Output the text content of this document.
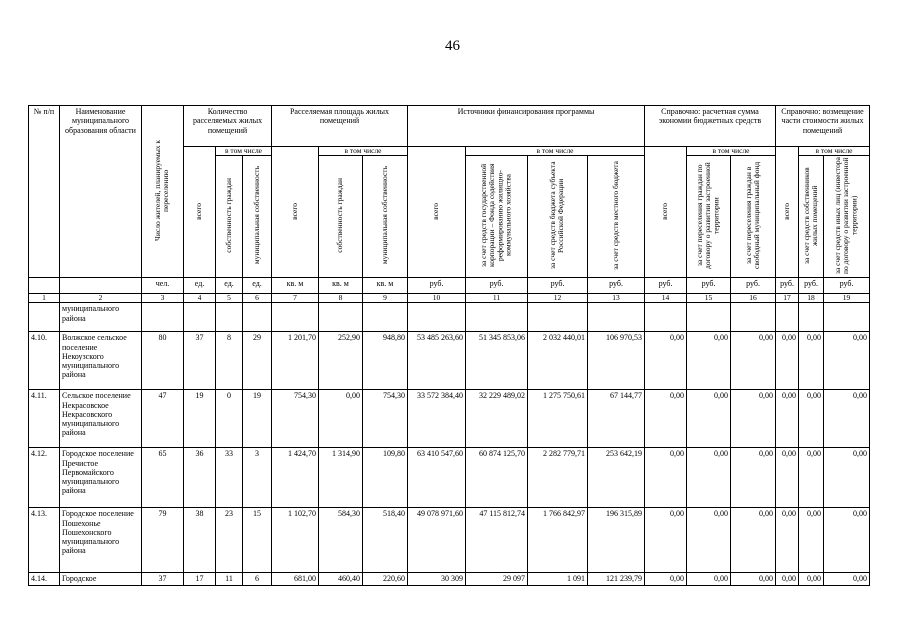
46
№ п/п	Наименование муниципального образования области	Число жителей, планируемых к переселению	Количество расселяемых жилых помещений			Расселяемая площадь жилых помещений			Источники финансирования программы				Справочно: расчетная сумма экономии бюджетных средств			Справочно: возмещение части стоимости жилых помещений		
			всего	в том числе		всего	в том числе		всего	в том числе			всего	в том числе		всего	в том числе	
				собственность граждан	муниципальная собственность		собственность граждан	муниципальная собственность		за счет средств государственной корпорации – Фонда содействия реформированию жилищно-коммунального хозяйства	за счет средств бюджета субъекта Российской Федерации	за счет средств местного бюджета		за счет переселения граждан по договору о развитии застроенной территории	за счет переселения граждан в свободный муниципальный фонд		за счет средств собственников жилых помещений	за счет средств иных лиц (инвестора по договору о развитии застроенной территории)
		чел.	ед.	ед.	ед.	кв. м	кв. м	кв. м	руб.	руб.	руб.	руб.	руб.	руб.	руб.	руб.	руб.	руб.
1	2	3	4	5	6	7	8	9	10	11	12	13	14	15	16	17	18	19
	муниципального района																	
4.10.	Волжское сельское поселение Некоузского муниципального района	80	37	8	29	1 201,70	252,90	948,80	53 485 263,60	51 345 853,06	2 032 440,01	106 970,53	0,00	0,00	0,00	0,00	0,00	0,00
4.11.	Сельское поселение Некрасовское Некрасовского муниципального района	47	19	0	19	754,30	0,00	754,30	33 572 384,40	32 229 489,02	1 275 750,61	67 144,77	0,00	0,00	0,00	0,00	0,00	0,00
4.12.	Городское поселение Пречистое Первомайского муниципального района	65	36	33	3	1 424,70	1 314,90	109,80	63 410 547,60	60 874 125,70	2 282 779,71	253 642,19	0,00	0,00	0,00	0,00	0,00	0,00
4.13.	Городское поселение Пошехонье Пошехонского муниципального района	79	38	23	15	1 102,70	584,30	518,40	49 078 971,60	47 115 812,74	1 766 842,97	196 315,89	0,00	0,00	0,00	0,00	0,00	0,00
4.14.	Городское	37	17	11	6	681,00	460,40	220,60	30 309	29 097	1 091	121 239,79	0,00	0,00	0,00	0,00	0,00	0,00
